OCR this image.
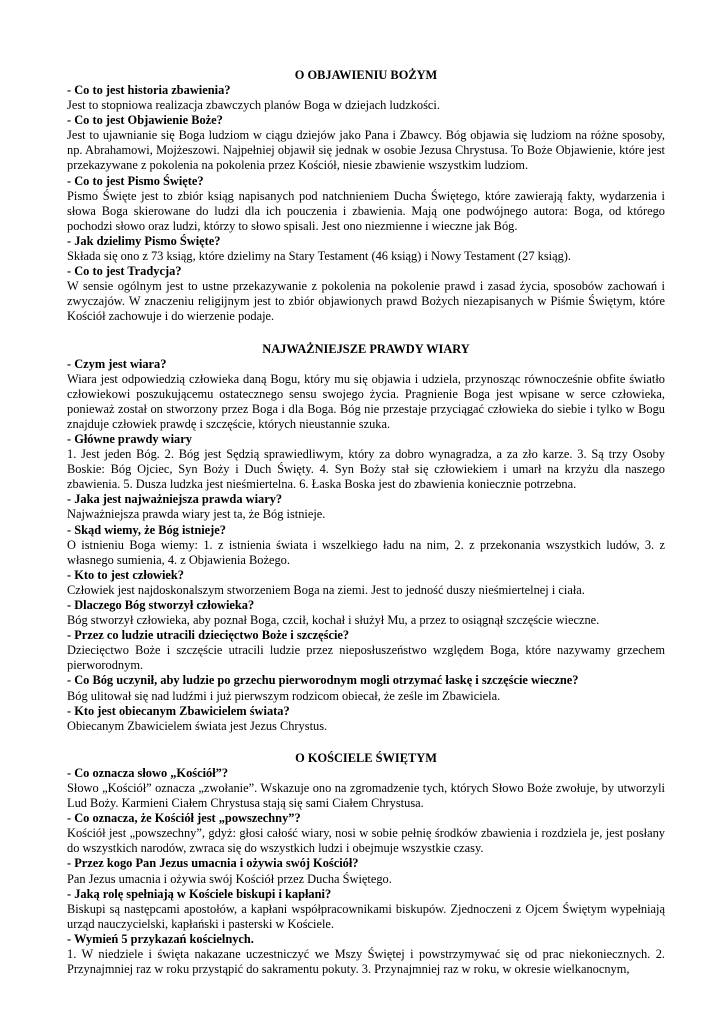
O OBJAWIENIU BOŻYM

- Co to jest historia zbawienia?

Jest to stopniowa realizacja zbawczych planów Boga w dziejach ludzkości.

- Co to jest Objawienie Boże?

Jest to ujawnianie się Boga ludziom w ciągu dziejów jako Pana i Zbawcy. Bóg objawia się ludziom na różne sposoby, np. Abrahamowi, Mojżeszowi. Najpełniej objawił się jednak w osobie Jezusa Chrystusa. To Boże Objawienie, które jest przekazywane z pokolenia na pokolenia przez Kościół, niesie zbawienie wszystkim ludziom.

- Co to jest Pismo Święte?

Pismo Święte jest to zbiór ksiąg napisanych pod natchnieniem Ducha Świętego, które zawierają fakty, wydarzenia i słowa Boga skierowane do ludzi dla ich pouczenia i zbawienia. Mają one podwójnego autora: Boga, od którego pochodzi słowo oraz ludzi, którzy to słowo spisali. Jest ono niezmienne i wieczne jak Bóg.

- Jak dzielimy Pismo Święte?

Składa się ono z 73 ksiąg, które dzielimy na Stary Testament (46 ksiąg) i Nowy Testament (27 ksiąg).

- Co to jest Tradycja?

W sensie ogólnym jest to ustne przekazywanie z pokolenia na pokolenie prawd i zasad życia, sposobów zachowań i zwyczajów. W znaczeniu religijnym jest to zbiór objawionych prawd Bożych niezapisanych w Piśmie Świętym, które Kościół zachowuje i do wierzenie podaje.

NAJWAŻNIEJSZE PRAWDY WIARY

- Czym jest wiara?

Wiara jest odpowiedzią człowieka daną Bogu, który mu się objawia i udziela, przynosząc równocześnie obfite światło człowiekowi poszukującemu ostatecznego sensu swojego życia. Pragnienie Boga jest wpisane w serce człowieka, ponieważ został on stworzony przez Boga i dla Boga. Bóg nie przestaje przyciągać człowieka do siebie i tylko w Bogu znajduje człowiek prawdę i szczęście, których nieustannie szuka.

- Główne prawdy wiary

1. Jest jeden Bóg. 2. Bóg jest Sędzią sprawiedliwym, który za dobro wynagradza, a za zło karze. 3. Są trzy Osoby Boskie: Bóg Ojciec, Syn Boży i Duch Święty. 4. Syn Boży stał się człowiekiem i umarł na krzyżu dla naszego zbawienia. 5. Dusza ludzka jest nieśmiertelna. 6. Łaska Boska jest do zbawienia koniecznie potrzebna.

- Jaka jest najważniejsza prawda wiary?

Najważniejsza prawda wiary jest ta, że Bóg istnieje.

- Skąd wiemy, że Bóg istnieje?

O istnieniu Boga wiemy: 1. z istnienia świata i wszelkiego ładu na nim, 2. z przekonania wszystkich ludów, 3. z własnego sumienia, 4. z Objawienia Bożego.

- Kto to jest człowiek?

Człowiek jest najdoskonalszym stworzeniem Boga na ziemi. Jest to jedność duszy nieśmiertelnej i ciała.

- Dlaczego Bóg stworzył człowieka?

Bóg stworzył człowieka, aby poznał Boga, czcił, kochał i służył Mu, a przez to osiągnął szczęście wieczne.

- Przez co ludzie utracili dziecięctwo Boże i szczęście?

Dziecięctwo Boże i szczęście utracili ludzie przez nieposłuszeństwo względem Boga, które nazywamy grzechem pierworodnym.

- Co Bóg uczynił, aby ludzie po grzechu pierworodnym mogli otrzymać łaskę i szczęście wieczne?

Bóg ulitował się nad ludźmi i już pierwszym rodzicom obiecał, że ześle im Zbawiciela.

- Kto jest obiecanym Zbawicielem świata?

Obiecanym Zbawicielem świata jest Jezus Chrystus.

O KOŚCIELE ŚWIĘTYM

- Co oznacza słowo „Kościół”?

Słowo „Kościół” oznacza „zwołanie”. Wskazuje ono na zgromadzenie tych, których Słowo Boże zwołuje, by utworzyli Lud Boży. Karmieni Ciałem Chrystusa stają się sami Ciałem Chrystusa.

- Co oznacza, że Kościół jest „powszechny”?

Kościół jest „powszechny”, gdyż: głosi całość wiary, nosi w sobie pełnię środków zbawienia i rozdziela je, jest posłany do wszystkich narodów, zwraca się do wszystkich ludzi i obejmuje wszystkie czasy.

- Przez kogo Pan Jezus umacnia i ożywia swój Kościół?

Pan Jezus umacnia i ożywia swój Kościół przez Ducha Świętego.

- Jaką rolę spełniają w Kościele biskupi i kapłani?

Biskupi są następcami apostołów, a kapłani współpracownikami biskupów. Zjednoczeni z Ojcem Świętym wypełniają urząd nauczycielski, kapłański i pasterski w Kościele.

- Wymień 5 przykazań kościelnych.

1. W niedziele i święta nakazane uczestniczyć we Mszy Świętej i powstrzymywać się od prac niekoniecznych. 2. Przynajmniej raz w roku przystąpić do sakramentu pokuty. 3. Przynajmniej raz w roku, w okresie wielkanocnym,
